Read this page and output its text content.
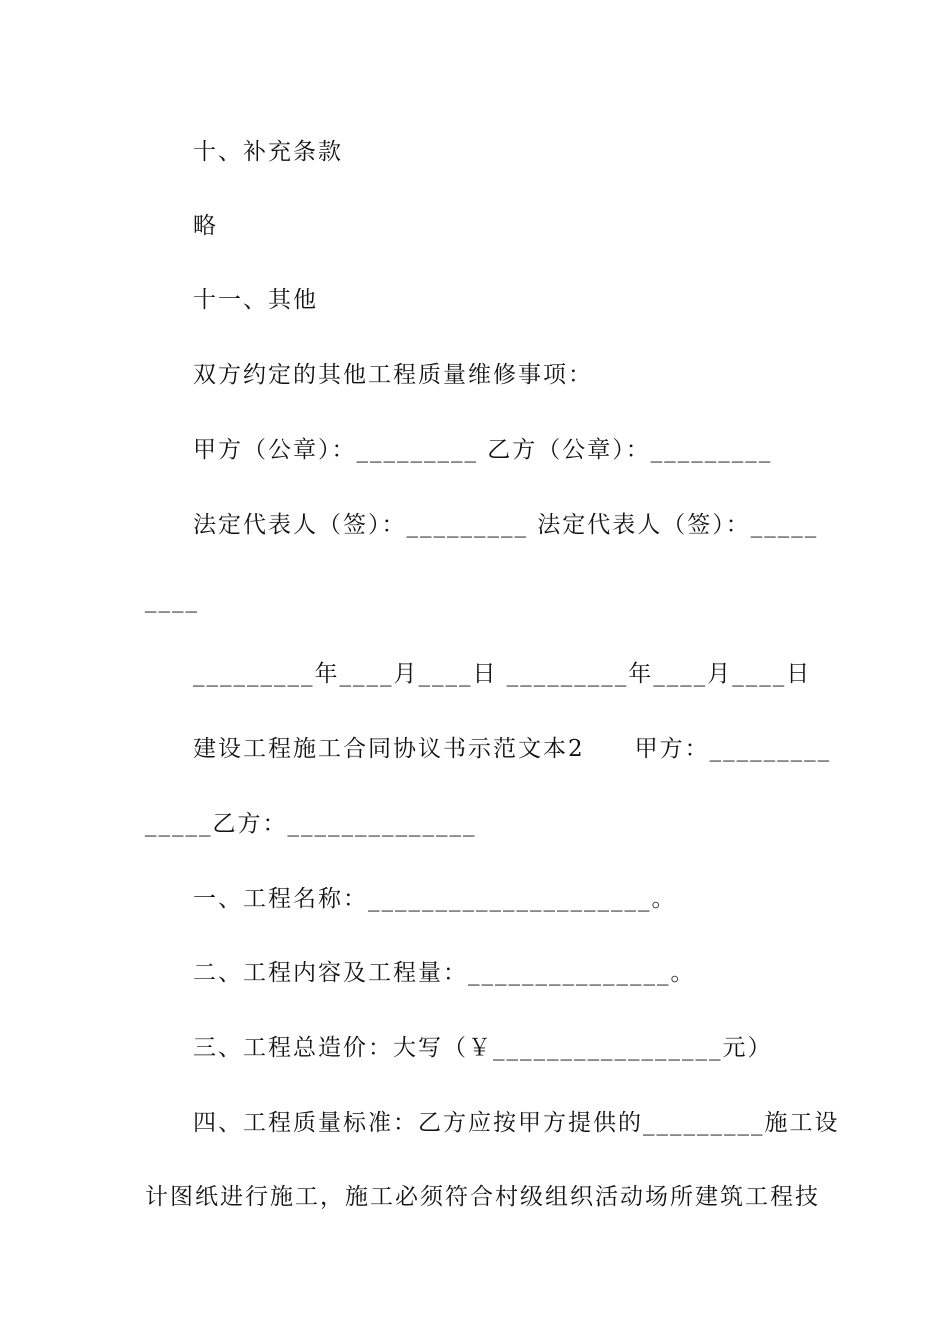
十、补充条款
略
十一、其他
双方约定的其他工程质量维修事项：
甲方（公章）：_________ 乙方（公章）：_________
法定代表人（签）：_________ 法定代表人（签）：_____
____
_________年____月____日 _________年____月____日
建设工程施工合同协议书示范文本2　　甲方：_________
_____乙方：______________
一、工程名称：_____________________。
二、工程内容及工程量：_______________。
三、工程总造价：大写（￥_________________元）
四、工程质量标准：乙方应按甲方提供的_________施工设
计图纸进行施工，施工必须符合村级组织活动场所建筑工程技
